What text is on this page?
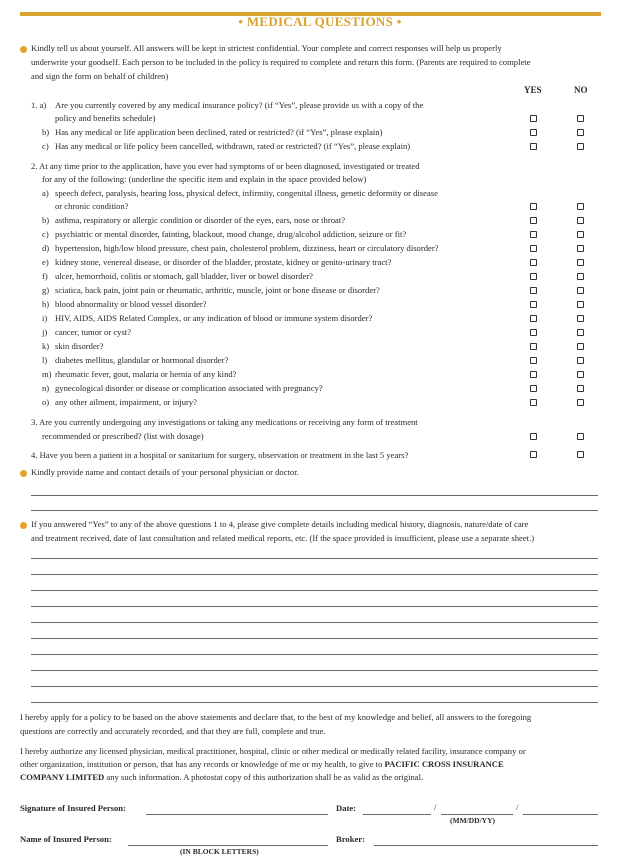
• MEDICAL QUESTIONS •
Kindly tell us about yourself. All answers will be kept in strictest confidential. Your complete and correct responses will help us properly
underwrite your goodself. Each person to be included in the policy is required to complete and return this form. (Parents are required to complete
and sign the form on behalf of children)
YES	NO
1. a) Are you currently covered by any medical insurance policy? (if “Yes”, please provide us with a copy of the
policy and benefits schedule)
b) Has any medical or life application been declined, rated or restricted? (if “Yes”, please explain)
c) Has any medical or life policy been cancelled, withdrawn, rated or restricted? (if “Yes”, please explain)
2. At any time prior to the application, have you ever had symptoms of or been diagnosed, investigated or treated
for any of the following: (underline the specific item and explain in the space provided below)
a) speech defect, paralysis, hearing loss, physical defect, infirmity, congenital illness, genetic deformity or disease
or chronic condition?
b) asthma, respiratory or allergic condition or disorder of the eyes, ears, nose or throat?
c) psychiatric or mental disorder, fainting, blackout, mood change, drug/alcohol addiction, seizure or fit?
d) hypertension, high/low blood pressure, chest pain, cholesterol problem, dizziness, heart or circulatory disorder?
e) kidney stone, venereal disease, or disorder of the bladder, prostate, kidney or genito-urinary tract?
f) ulcer, hemorrhoid, colitis or stomach, gall bladder, liver or bowel disorder?
g) sciatica, back pain, joint pain or rheumatic, arthritic, muscle, joint or bone disease or disorder?
h) blood abnormality or blood vessel disorder?
i) HIV, AIDS, AIDS Related Complex, or any indication of blood or immune system disorder?
j) cancer, tumor or cyst?
k) skin disorder?
l) diabetes mellitus, glandular or hormonal disorder?
m) rheumatic fever, gout, malaria or hernia of any kind?
n) gynecological disorder or disease or complication associated with pregnancy?
o) any other ailment, impairment, or injury?
3. Are you currently undergoing any investigations or taking any medications or receiving any form of treatment
recommended or prescribed? (list with dosage)
4. Have you been a patient in a hospital or sanitarium for surgery, observation or treatment in the last 5 years?
Kindly provide name and contact details of your personal physician or doctor.
If you answered “Yes” to any of the above questions 1 to 4, please give complete details including medical history, diagnosis, nature/date of care
and treatment received, date of last consultation and related medical reports, etc. (If the space provided is insufficient, please use a separate sheet.)
I hereby apply for a policy to be based on the above statements and declare that, to the best of my knowledge and belief, all answers to the foregoing
questions are correctly and accurately recorded, and that they are full, complete and true.
I hereby authorize any licensed physician, medical practitioner, hospital, clinic or other medical or medically related facility, insurance company or
other organization, institution or person, that has any records or knowledge of me or my health, to give to PACIFIC CROSS INSURANCE
COMPANY LIMITED any such information. A photostat copy of this authorization shall be as valid as the original.
Signature of Insured Person:	Date:	/	/
(MM/DD/YY)
Name of Insured Person:
(IN BLOCK LETTERS)
Broker:
